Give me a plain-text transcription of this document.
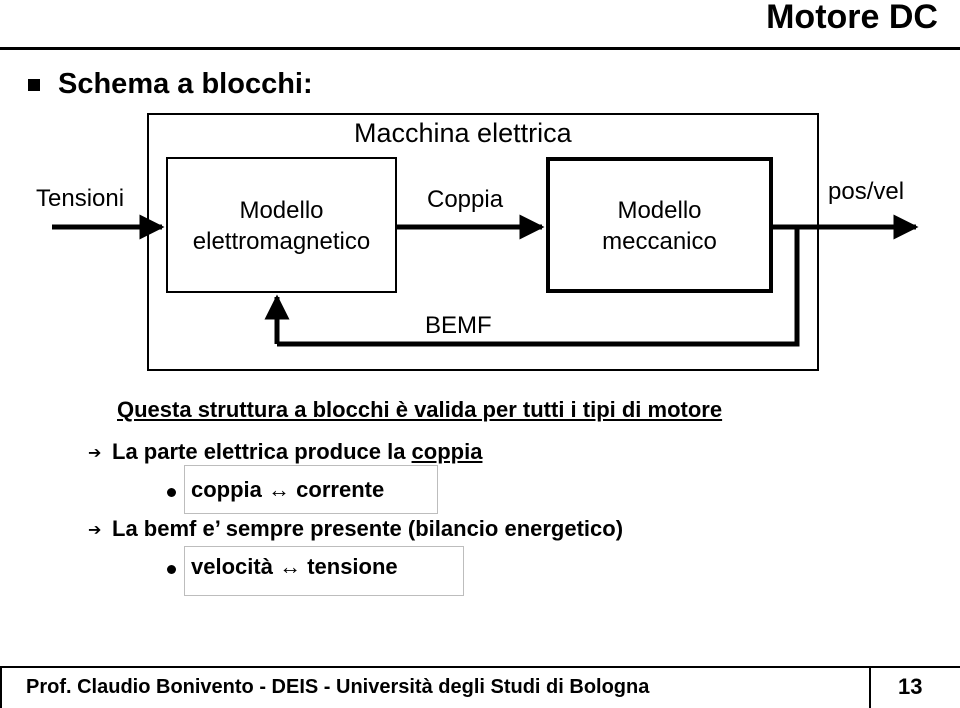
Motore DC
Schema a blocchi:
Macchina elettrica
Tensioni	pos/vel
Modello
elettromagnetico
Coppia	Modello
meccanico
BEMF
Questa struttura a blocchi è valida per tutti i tipi di motore
➔ La parte elettrica produce la coppia
coppia ↔ corrente
➔ La bemf e’ sempre presente (bilancio energetico)
velocità ↔ tensione
Prof. Claudio Bonivento - DEIS - Università degli Studi di Bologna	13
